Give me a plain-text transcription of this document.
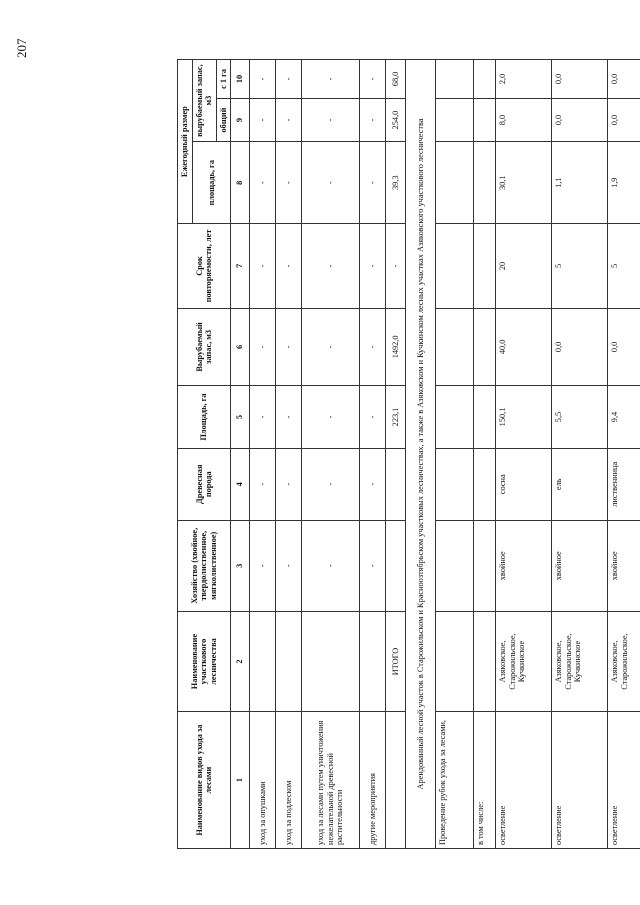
207
Наименование видов ухода за лесами	Наименование участкового лесничества	Хозяйство (хвойное, твердолиственное, мягколиственное)	Древесная порода	Площадь, га	Вырубаемый запас, м3	Срок повторяемости, лет	Ежегодный размер		
							площадь, га	вырубаемый запас, м3	
								общий	с 1 га
1	2	3	4	5	6	7	8	9	10
уход за опушками		-	-	-	-	-	-	-	-
уход за подлеском		-	-	-	-	-	-	-	-
уход за лесами путем уничтожения нежелательной древесной растительности		-	-	-	-	-	-	-	-
другие мероприятия		-	-	-	-	-	-	-	-
	ИТОГО			223,1	1492,0	-	39,3	254,0	68,0
Арендованный лесной участок в Старожильском и Красноозтябрьском участковых лесничествах, а также в Азяковском и Кучкинском лесных участках Азяковского участкового лесничества									
Проведение рубок ухода за лесами,									
в том числе:									
осветление	Азяковское, Старожильское, Кучкинское	хвойное	сосна	150,1	40,0	20	30,1	8,0	2,0
осветление	Азяковское, Старожильское, Кучкинское	хвойное	ель	5,5	0,0	5	1,1	0,0	0,0
осветление	Азяковское, Старожильское,	хвойное	лиственница	9,4	0,0	5	1,9	0,0	0,0
